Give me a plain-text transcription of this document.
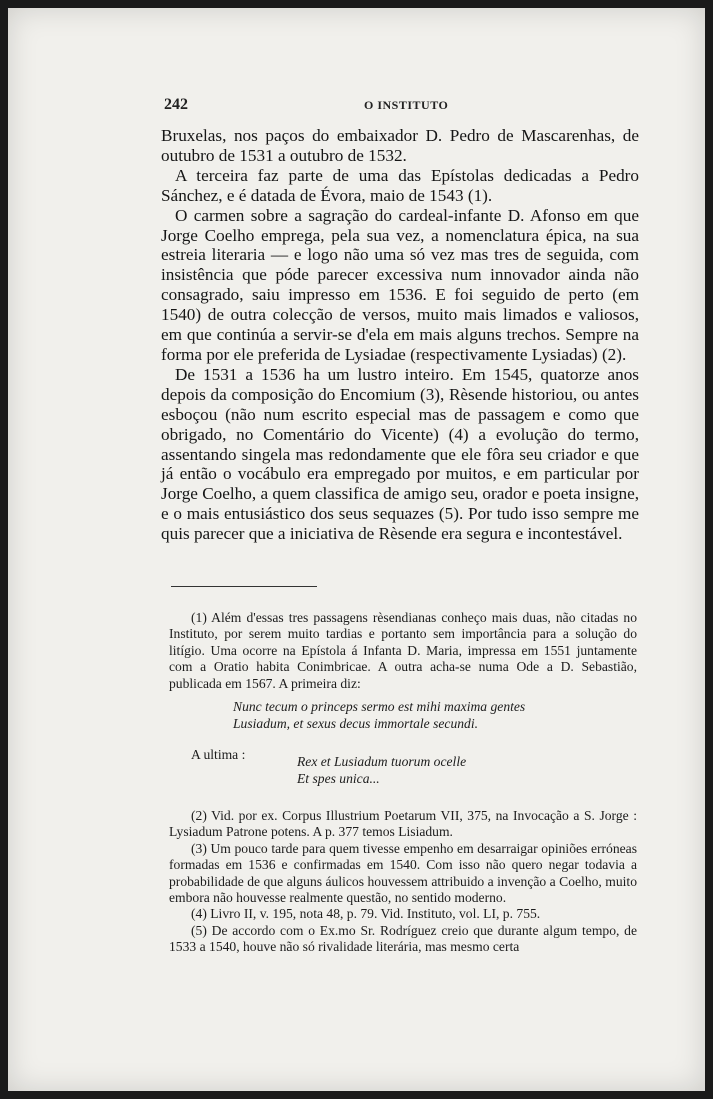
242	O INSTITUTO

Bruxelas, nos paços do embaixador D. Pedro de Mascarenhas, de outubro de 1531 a outubro de 1532.

A terceira faz parte de uma das Epístolas dedicadas a Pedro Sánchez, e é datada de Évora, maio de 1543 (1).

O carmen sobre a sagração do cardeal-infante D. Afonso em que Jorge Coelho emprega, pela sua vez, a nomenclatura épica, na sua estreia literaria — e logo não uma só vez mas tres de seguida, com insistência que póde parecer excessiva num innovador ainda não consagrado, saiu impresso em 1536. E foi seguido de perto (em 1540) de outra colecção de versos, muito mais limados e valiosos, em que continúa a servir-se d'ela em mais alguns trechos. Sempre na forma por ele preferida de Lysiadae (respectivamente Lysiadas) (2).

De 1531 a 1536 ha um lustro inteiro. Em 1545, quatorze anos depois da composição do Encomium (3), Rèsende historiou, ou antes esboçou (não num escrito especial mas de passagem e como que obrigado, no Comentário do Vicente) (4) a evolução do termo, assentando singela mas redondamente que ele fôra seu criador e que já então o vocábulo era empregado por muitos, e em particular por Jorge Coelho, a quem classifica de amigo seu, orador e poeta insigne, e o mais entusiástico dos seus sequazes (5). Por tudo isso sempre me quis parecer que a iniciativa de Rèsende era segura e incontestável.

(1) Além d'essas tres passagens rèsendianas conheço mais duas, não citadas no Instituto, por serem muito tardias e portanto sem importância para a solução do litígio. Uma ocorre na Epístola á Infanta D. Maria, impressa em 1551 juntamente com a Oratio habita Conimbricae. A outra acha-se numa Ode a D. Sebastião, publicada em 1567. A primeira diz:

Nunc tecum o princeps sermo est mihi maxima gentes

Lusiadum, et sexus decus immortale secundi.

A ultima :	Rex et Lusiadum tuorum ocelle

Et spes unica...

(2) Vid. por ex. Corpus Illustrium Poetarum VII, 375, na Invocação a S. Jorge : Lysiadum Patrone potens. A p. 377 temos Lisiadum.

(3) Um pouco tarde para quem tivesse empenho em desarraigar opiniões erróneas formadas em 1536 e confirmadas em 1540. Com isso não quero negar todavia a probabilidade de que alguns áulicos houvessem attribuido a invenção a Coelho, muito embora não houvesse realmente questão, no sentido moderno.

(4) Livro II, v. 195, nota 48, p. 79. Vid. Instituto, vol. LI, p. 755.

(5) De accordo com o Ex.mo Sr. Rodríguez creio que durante algum tempo, de 1533 a 1540, houve não só rivalidade literária, mas mesmo certa
